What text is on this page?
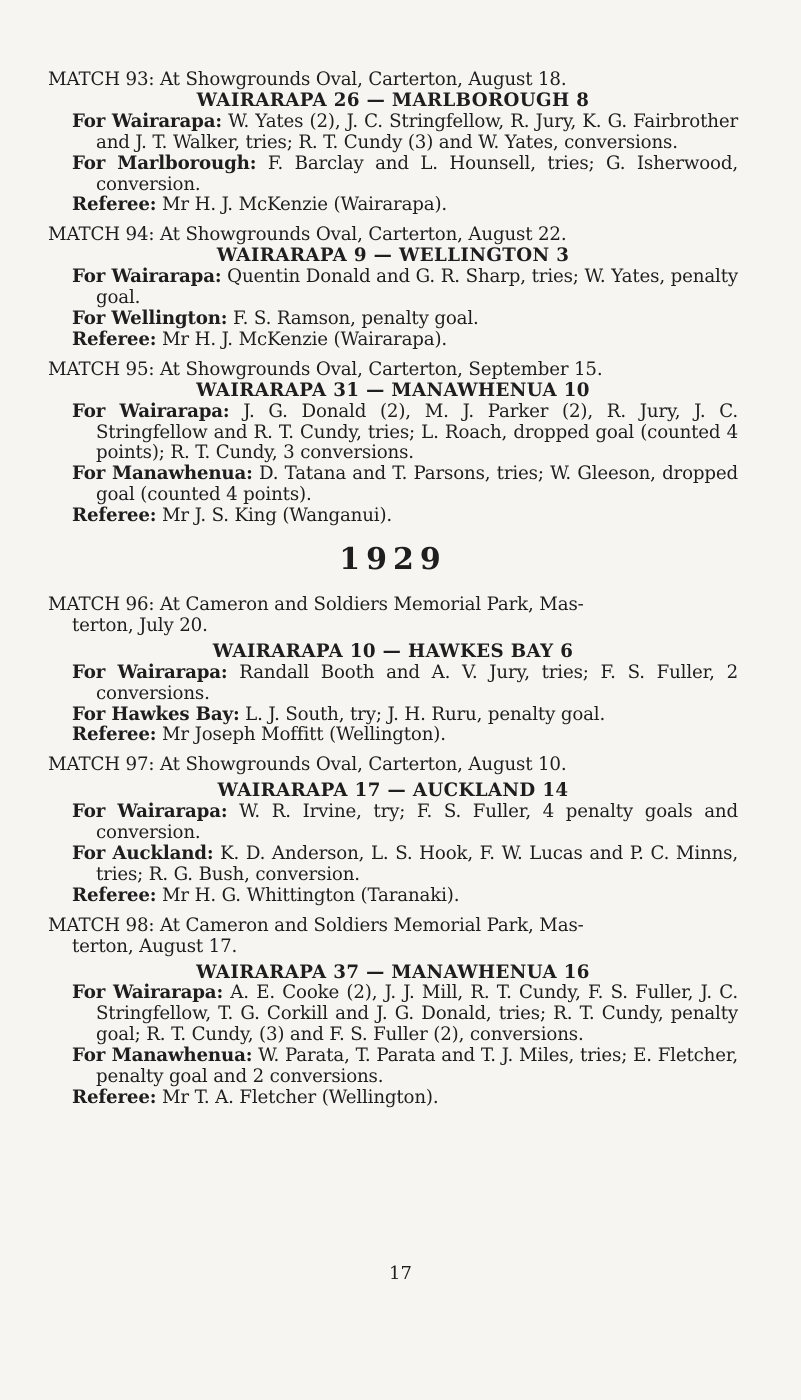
MATCH 93: At Showgrounds Oval, Carterton, August 18.

WAIRARAPA 26 — MARLBOROUGH 8

For Wairarapa: W. Yates (2), J. C. Stringfellow, R. Jury, K. G. Fairbrother and J. T. Walker, tries; R. T. Cundy (3) and W. Yates, conversions.

For Marlborough: F. Barclay and L. Hounsell, tries; G. Isherwood, conversion.

Referee: Mr H. J. McKenzie (Wairarapa).

MATCH 94: At Showgrounds Oval, Carterton, August 22.

WAIRARAPA 9 — WELLINGTON 3

For Wairarapa: Quentin Donald and G. R. Sharp, tries; W. Yates, penalty goal.

For Wellington: F. S. Ramson, penalty goal.

Referee: Mr H. J. McKenzie (Wairarapa).

MATCH 95: At Showgrounds Oval, Carterton, September 15.

WAIRARAPA 31 — MANAWHENUA 10

For Wairarapa: J. G. Donald (2), M. J. Parker (2), R. Jury, J. C. Stringfellow and R. T. Cundy, tries; L. Roach, dropped goal (counted 4 points); R. T. Cundy, 3 conversions.

For Manawhenua: D. Tatana and T. Parsons, tries; W. Gleeson, dropped goal (counted 4 points).

Referee: Mr J. S. King (Wanganui).

1929
MATCH 96: At Cameron and Soldiers Memorial Park, Mas-
terton, July 20.

WAIRARAPA 10 — HAWKES BAY 6

For Wairarapa: Randall Booth and A. V. Jury, tries; F. S. Fuller, 2 conversions.

For Hawkes Bay: L. J. South, try; J. H. Ruru, penalty goal.

Referee: Mr Joseph Moffitt (Wellington).

MATCH 97: At Showgrounds Oval, Carterton, August 10.

WAIRARAPA 17 — AUCKLAND 14

For Wairarapa: W. R. Irvine, try; F. S. Fuller, 4 penalty goals and conversion.

For Auckland: K. D. Anderson, L. S. Hook, F. W. Lucas and P. C. Minns, tries; R. G. Bush, conversion.

Referee: Mr H. G. Whittington (Taranaki).

MATCH 98: At Cameron and Soldiers Memorial Park, Mas-
terton, August 17.

WAIRARAPA 37 — MANAWHENUA 16

For Wairarapa: A. E. Cooke (2), J. J. Mill, R. T. Cundy, F. S. Fuller, J. C. Stringfellow, T. G. Corkill and J. G. Donald, tries; R. T. Cundy, penalty goal; R. T. Cundy, (3) and F. S. Fuller (2), conversions.

For Manawhenua: W. Parata, T. Parata and T. J. Miles, tries; E. Fletcher, penalty goal and 2 conversions.

Referee: Mr T. A. Fletcher (Wellington).

17
